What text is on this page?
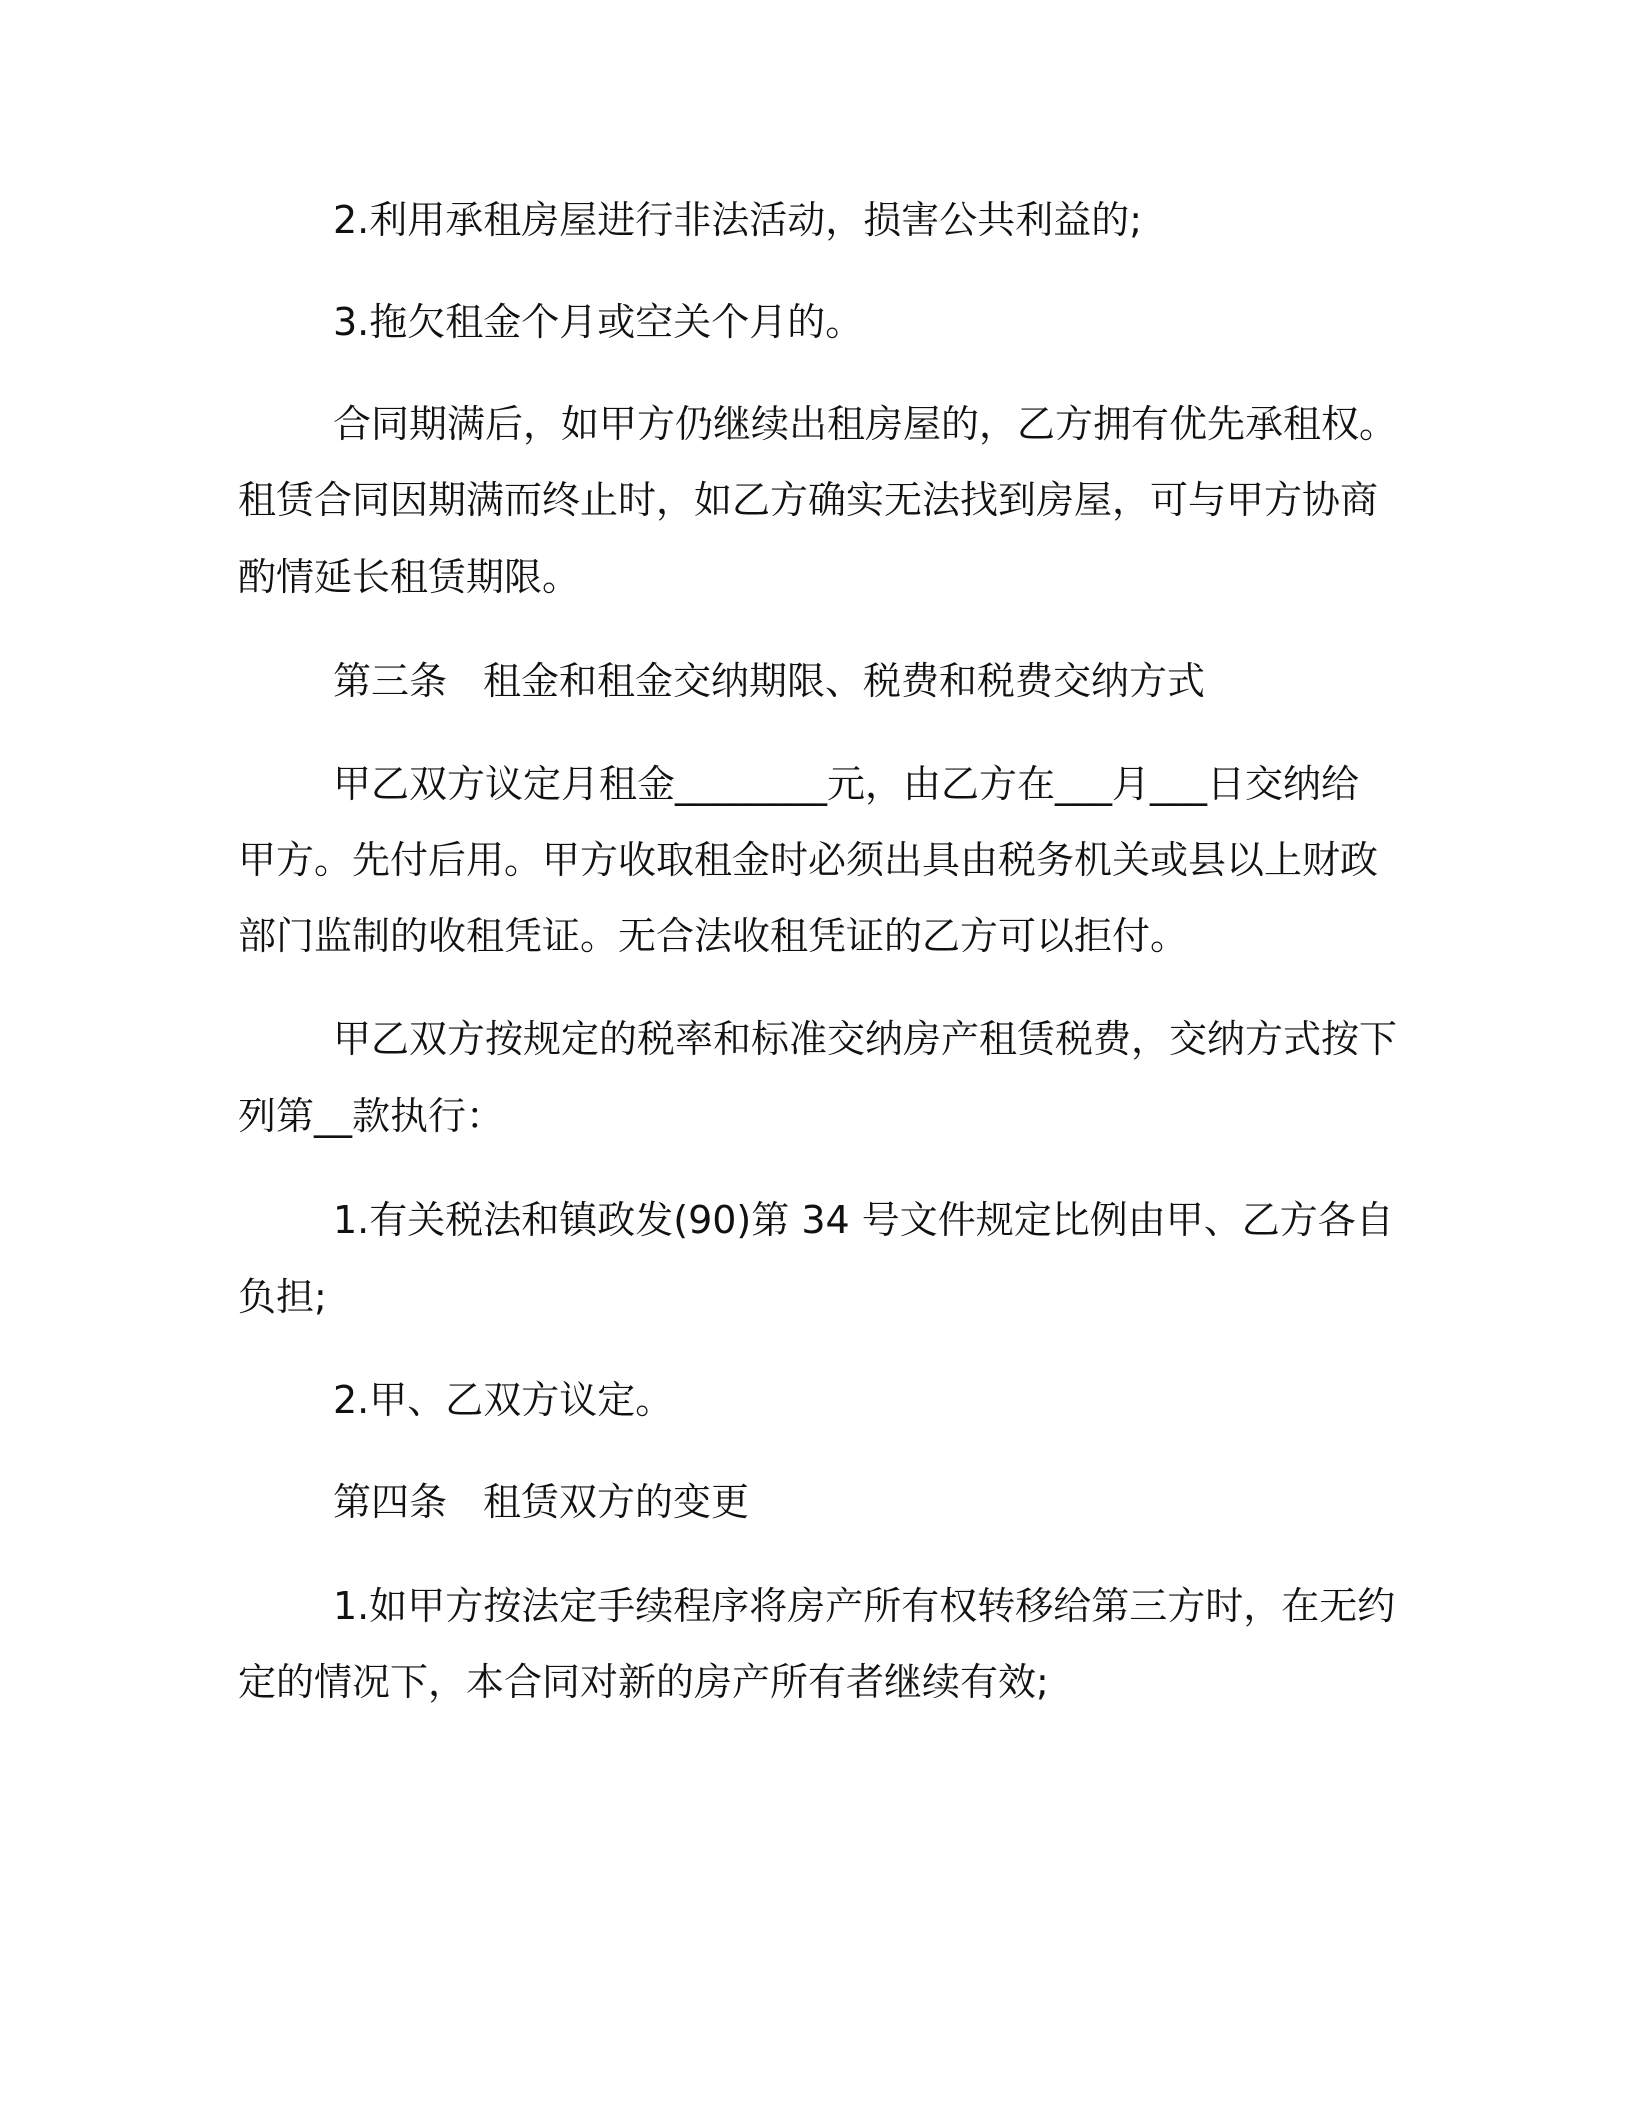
2.利用承租房屋进行非法活动，损害公共利益的;

3.拖欠租金个月或空关个月的。

合同期满后，如甲方仍继续出租房屋的，乙方拥有优先承租权。

租赁合同因期满而终止时，如乙方确实无法找到房屋，可与甲方协商

酌情延长租赁期限。

第三条 租金和租金交纳期限、税费和税费交纳方式

甲乙双方议定月租金________元，由乙方在___月___日交纳给

甲方。先付后用。甲方收取租金时必须出具由税务机关或县以上财政

部门监制的收租凭证。无合法收租凭证的乙方可以拒付。

甲乙双方按规定的税率和标准交纳房产租赁税费，交纳方式按下

列第__款执行：

1.有关税法和镇政发(90)第 34 号文件规定比例由甲、乙方各自

负担;

2.甲、乙双方议定。

第四条 租赁双方的变更

1.如甲方按法定手续程序将房产所有权转移给第三方时，在无约

定的情况下，本合同对新的房产所有者继续有效;
